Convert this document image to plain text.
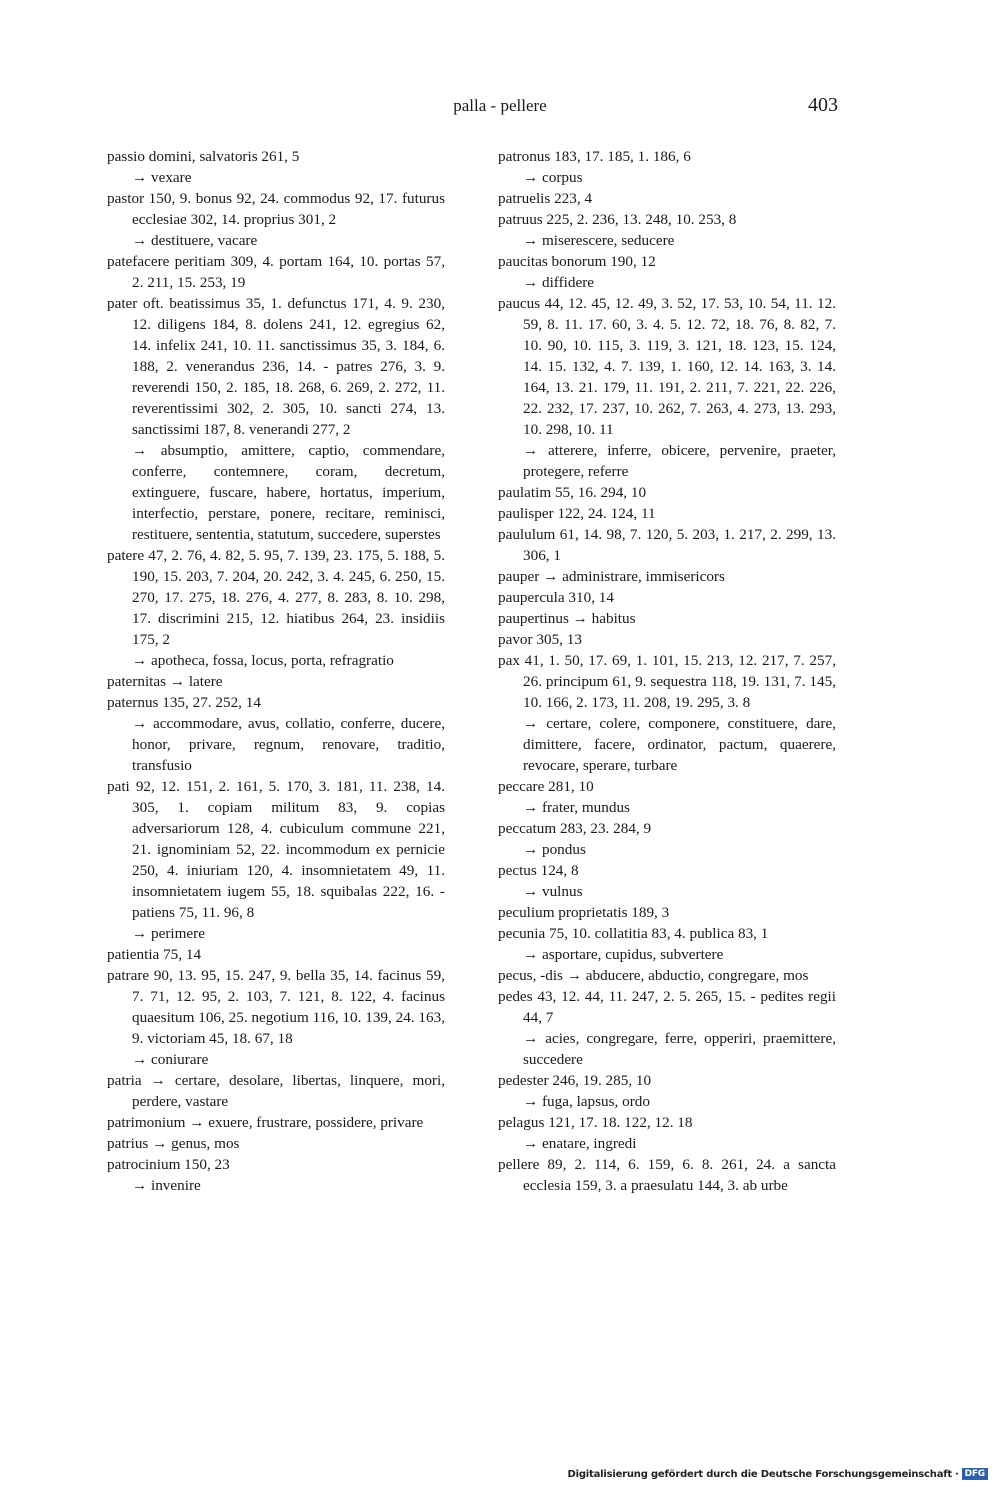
palla - pellere	403

passio domini, salvatoris 261, 5

→ vexare

pastor 150, 9. bonus 92, 24. commodus 92, 17. futurus ecclesiae 302, 14. proprius 301, 2

→ destituere, vacare

patefacere peritiam 309, 4. portam 164, 10. portas 57, 2. 211, 15. 253, 19

pater oft. beatissimus 35, 1. defunctus 171, 4. 9. 230, 12. diligens 184, 8. dolens 241, 12. egregius 62, 14. infelix 241, 10. 11. sanctissimus 35, 3. 184, 6. 188, 2. venerandus 236, 14. - patres 276, 3. 9. reverendi 150, 2. 185, 18. 268, 6. 269, 2. 272, 11. reverentissimi 302, 2. 305, 10. sancti 274, 13. sanctissimi 187, 8. venerandi 277, 2

→ absumptio, amittere, captio, commendare, conferre, contemnere, coram, decretum, extinguere, fuscare, habere, hortatus, imperium, interfectio, perstare, ponere, recitare, reminisci, restituere, sententia, statutum, succedere, superstes

patere 47, 2. 76, 4. 82, 5. 95, 7. 139, 23. 175, 5. 188, 5. 190, 15. 203, 7. 204, 20. 242, 3. 4. 245, 6. 250, 15. 270, 17. 275, 18. 276, 4. 277, 8. 283, 8. 10. 298, 17. discrimini 215, 12. hiatibus 264, 23. insidiis 175, 2

→ apotheca, fossa, locus, porta, refragratio

paternitas → latere

paternus 135, 27. 252, 14

→ accommodare, avus, collatio, conferre, ducere, honor, privare, regnum, renovare, traditio, transfusio

pati 92, 12. 151, 2. 161, 5. 170, 3. 181, 11. 238, 14. 305, 1. copiam militum 83, 9. copias adversariorum 128, 4. cubiculum commune 221, 21. ignominiam 52, 22. incommodum ex pernicie 250, 4. iniuriam 120, 4. insomnietatem 49, 11. insomnietatem iugem 55, 18. squibalas 222, 16. - patiens 75, 11. 96, 8

→ perimere

patientia 75, 14

patrare 90, 13. 95, 15. 247, 9. bella 35, 14. facinus 59, 7. 71, 12. 95, 2. 103, 7. 121, 8. 122, 4. facinus quaesitum 106, 25. negotium 116, 10. 139, 24. 163, 9. victoriam 45, 18. 67, 18

→ coniurare

patria → certare, desolare, libertas, linquere, mori, perdere, vastare

patrimonium → exuere, frustrare, possidere, privare

patrius → genus, mos

patrocinium 150, 23

→ invenire

patronus 183, 17. 185, 1. 186, 6

→ corpus

patruelis 223, 4

patruus 225, 2. 236, 13. 248, 10. 253, 8

→ miserescere, seducere

paucitas bonorum 190, 12

→ diffidere

paucus 44, 12. 45, 12. 49, 3. 52, 17. 53, 10. 54, 11. 12. 59, 8. 11. 17. 60, 3. 4. 5. 12. 72, 18. 76, 8. 82, 7. 10. 90, 10. 115, 3. 119, 3. 121, 18. 123, 15. 124, 14. 15. 132, 4. 7. 139, 1. 160, 12. 14. 163, 3. 14. 164, 13. 21. 179, 11. 191, 2. 211, 7. 221, 22. 226, 22. 232, 17. 237, 10. 262, 7. 263, 4. 273, 13. 293, 10. 298, 10. 11

→ atterere, inferre, obicere, pervenire, praeter, protegere, referre

paulatim 55, 16. 294, 10

paulisper 122, 24. 124, 11

paululum 61, 14. 98, 7. 120, 5. 203, 1. 217, 2. 299, 13. 306, 1

pauper → administrare, immisericors

paupercula 310, 14

paupertinus → habitus

pavor 305, 13

pax 41, 1. 50, 17. 69, 1. 101, 15. 213, 12. 217, 7. 257, 26. principum 61, 9. sequestra 118, 19. 131, 7. 145, 10. 166, 2. 173, 11. 208, 19. 295, 3. 8

→ certare, colere, componere, constituere, dare, dimittere, facere, ordinator, pactum, quaerere, revocare, sperare, turbare

peccare 281, 10

→ frater, mundus

peccatum 283, 23. 284, 9

→ pondus

pectus 124, 8

→ vulnus

peculium proprietatis 189, 3

pecunia 75, 10. collatitia 83, 4. publica 83, 1

→ asportare, cupidus, subvertere

pecus, -dis → abducere, abductio, congregare, mos

pedes 43, 12. 44, 11. 247, 2. 5. 265, 15. - pedites regii 44, 7

→ acies, congregare, ferre, opperiri, praemittere, succedere

pedester 246, 19. 285, 10

→ fuga, lapsus, ordo

pelagus 121, 17. 18. 122, 12. 18

→ enatare, ingredi

pellere 89, 2. 114, 6. 159, 6. 8. 261, 24. a sancta ecclesia 159, 3. a praesulatu 144, 3. ab urbe

Digitalisierung gefördert durch die Deutsche Forschungsgemeinschaft · DFG
